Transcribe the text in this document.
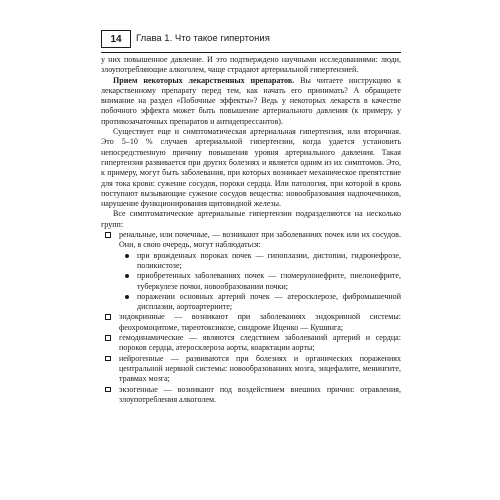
14	Глава 1. Что такое гипертония

у них повышенное давление. И это подтверждено научными исследованиями: люди, злоупотребляющие алкоголем, чаще страдают артериальной гипертензией.

Прием некоторых лекарственных препаратов. Вы читаете инструкцию к лекарственному препарату перед тем, как начать его принимать? А обращаете внимание на раздел «Побочные эффекты»? Ведь у некоторых лекарств в качестве побочного эффекта может быть повышение артериального давления (к примеру, у противозачаточных препаратов и антидепрессантов).

Существует еще и симптоматическая артериальная гипертензия, или вторичная. Это 5–10 % случаев артериальной гипертензии, когда удается установить непосредственную причину повышения уровня артериального давления. Такая гипертензия развивается при других болезнях и является одним из их симптомов. Это, к примеру, могут быть заболевания, при которых возникает механическое препятствие для тока крови: сужение сосудов, пороки сердца. Или патология, при которой в кровь поступают вызывающие сужение сосудов вещества: новообразования надпочечников, нарушение функционирования щитовидной железы.

Все симптоматические артериальные гипертензии подразделяются на несколько групп:

ренальные, или почечные, — возникают при заболеваниях почек или их сосудов. Они, в свою очередь, могут наблюдаться:
при врожденных пороках почек — гипоплазии, дистопии, гидронефрозе, поликистозе;
приобретенных заболеваниях почек — гломерулонефрите, пиелонефрите, туберкулезе почки, новообразовании почки;
поражении основных артерий почек — атеросклерозе, фибромышечной дисплазии, аортоартериите;
эндокринные — возникают при заболеваниях эндокринной системы: феохромоцитоме, тиреотоксикозе, синдроме Иценко — Кушинга;
гемодинамические — являются следствием заболеваний артерий и сердца: пороков сердца, атеросклероза аорты, коарктации аорты;
нейрогенные — развиваются при болезнях и органических поражениях центральной нервной системы: новообразованиях мозга, энцефалите, менингите, травмах мозга;
экзогенные — возникают под воздействием внешних причин: отравления, злоупотребления алкоголем.
